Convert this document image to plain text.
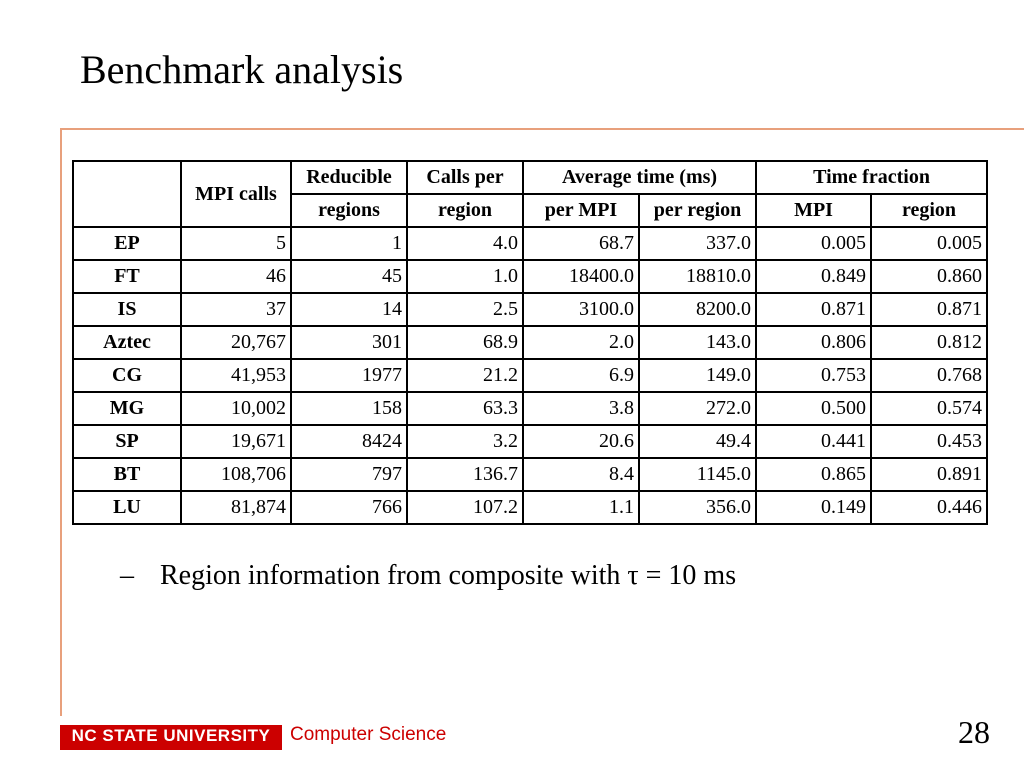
Benchmark analysis
	MPI calls	Reducible	Calls per	Average time (ms)		Time fraction	
		regions	region	per MPI	per region	MPI	region
EP	5	1	4.0	68.7	337.0	0.005	0.005
FT	46	45	1.0	18400.0	18810.0	0.849	0.860
IS	37	14	2.5	3100.0	8200.0	0.871	0.871
Aztec	20,767	301	68.9	2.0	143.0	0.806	0.812
CG	41,953	1977	21.2	6.9	149.0	0.753	0.768
MG	10,002	158	63.3	3.8	272.0	0.500	0.574
SP	19,671	8424	3.2	20.6	49.4	0.441	0.453
BT	108,706	797	136.7	8.4	1145.0	0.865	0.891
LU	81,874	766	107.2	1.1	356.0	0.149	0.446
– Region information from composite with τ = 10 ms
NC STATE UNIVERSITY	Computer Science	28
